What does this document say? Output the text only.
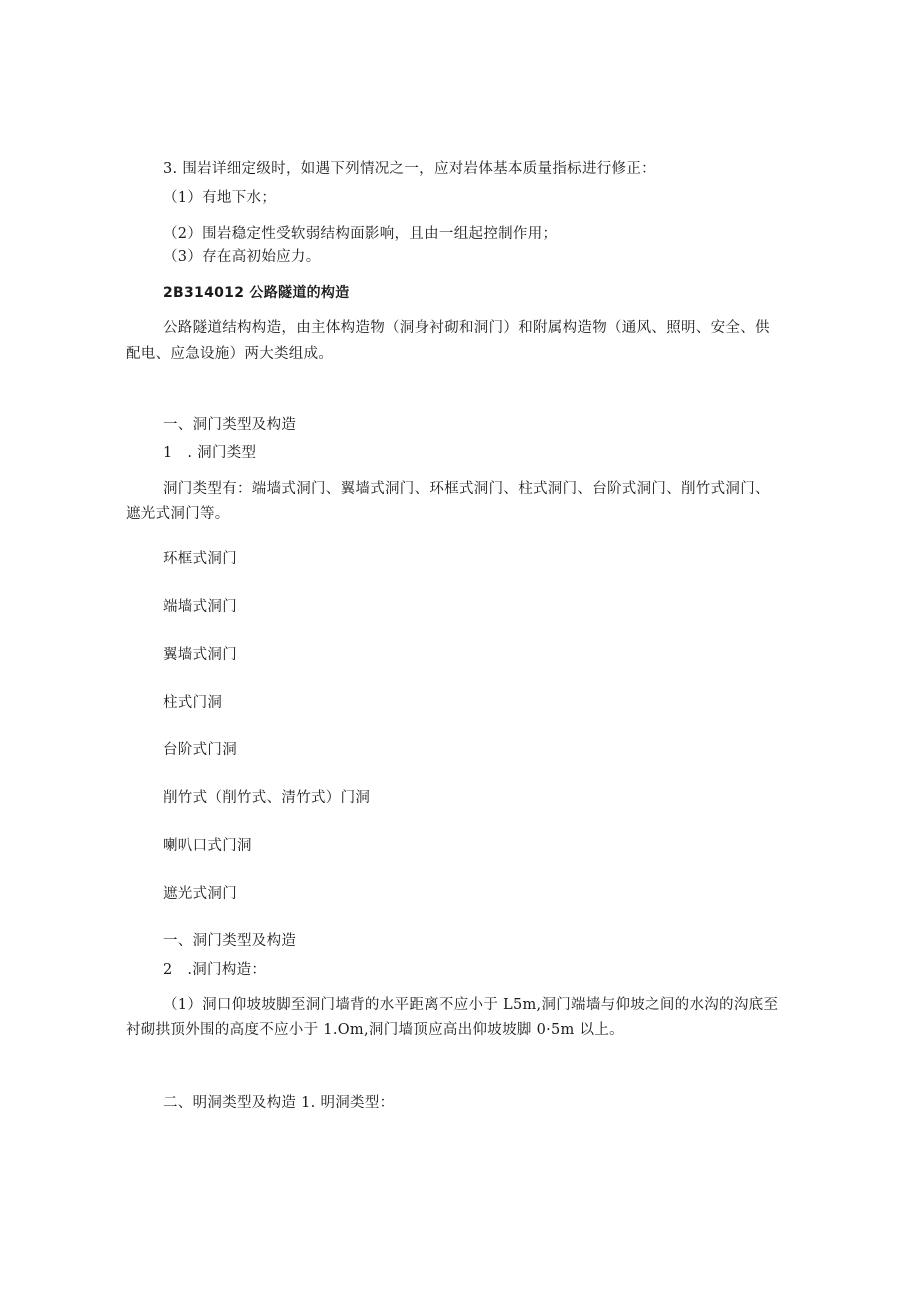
3. 围岩详细定级时，如遇下列情况之一，应对岩体基本质量指标进行修正：
（1）有地下水；
（2）围岩稳定性受软弱结构面影响，且由一组起控制作用；
（3）存在高初始应力。
2B314012 公路隧道的构造
公路隧道结构构造，由主体构造物（洞身衬砌和洞门）和附属构造物（通风、照明、安全、供
配电、应急设施）两大类组成。
一、洞门类型及构造
1　. 洞门类型
洞门类型有：端墙式洞门、翼墙式洞门、环框式洞门、柱式洞门、台阶式洞门、削竹式洞门、
遮光式洞门等。
环框式洞门
端墙式洞门
翼墙式洞门
柱式门洞
台阶式门洞
削竹式（削竹式、清竹式）门洞
喇叭口式门洞
遮光式洞门
一、洞门类型及构造
2　.洞门构造：
（1）洞口仰坡坡脚至洞门墙背的水平距离不应小于 L5m,洞门端墙与仰坡之间的水沟的沟底至
衬砌拱顶外围的高度不应小于 1.Om,洞门墙顶应高出仰坡坡脚 0·5m 以上。
二、明洞类型及构造 1. 明洞类型：
